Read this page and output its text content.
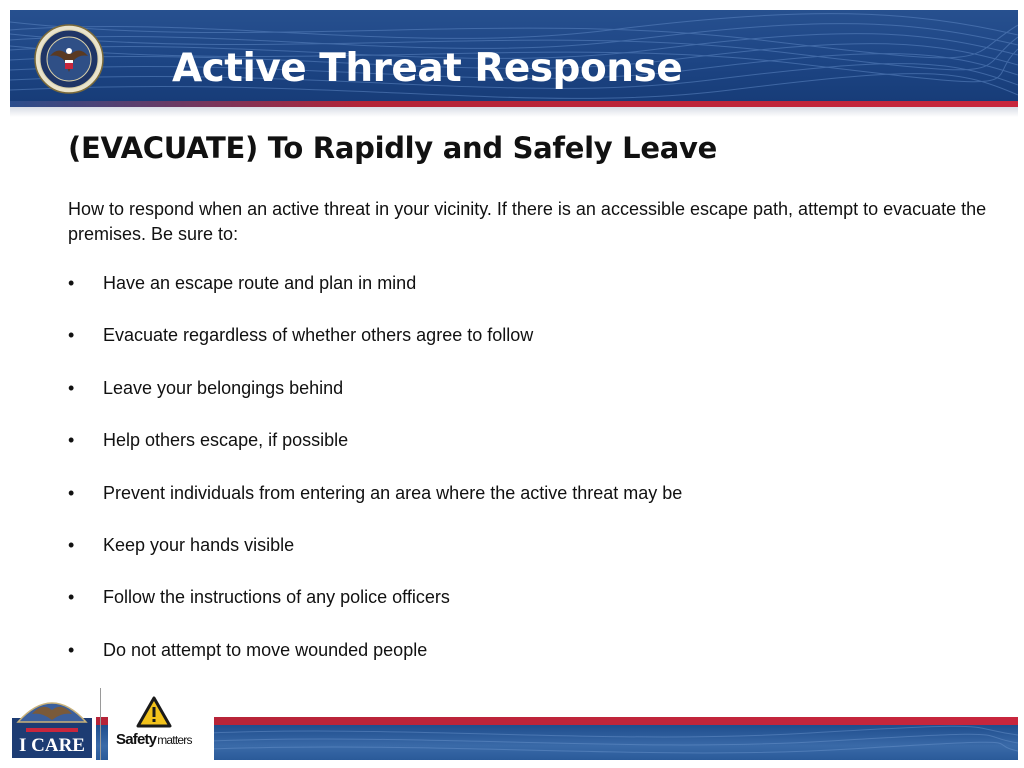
Active Threat Response
(EVACUATE) To Rapidly and Safely Leave

How to respond when an active threat in your vicinity. If there is an accessible escape path, attempt to evacuate the premises. Be sure to:

• Have an escape route and plan in mind
• Evacuate regardless of whether others agree to follow
• Leave your belongings behind
• Help others escape, if possible
• Prevent individuals from entering an area where the active threat may be
• Keep your hands visible
• Follow the instructions of any police officers
• Do not attempt to move wounded people
I CARE Safetymatters
